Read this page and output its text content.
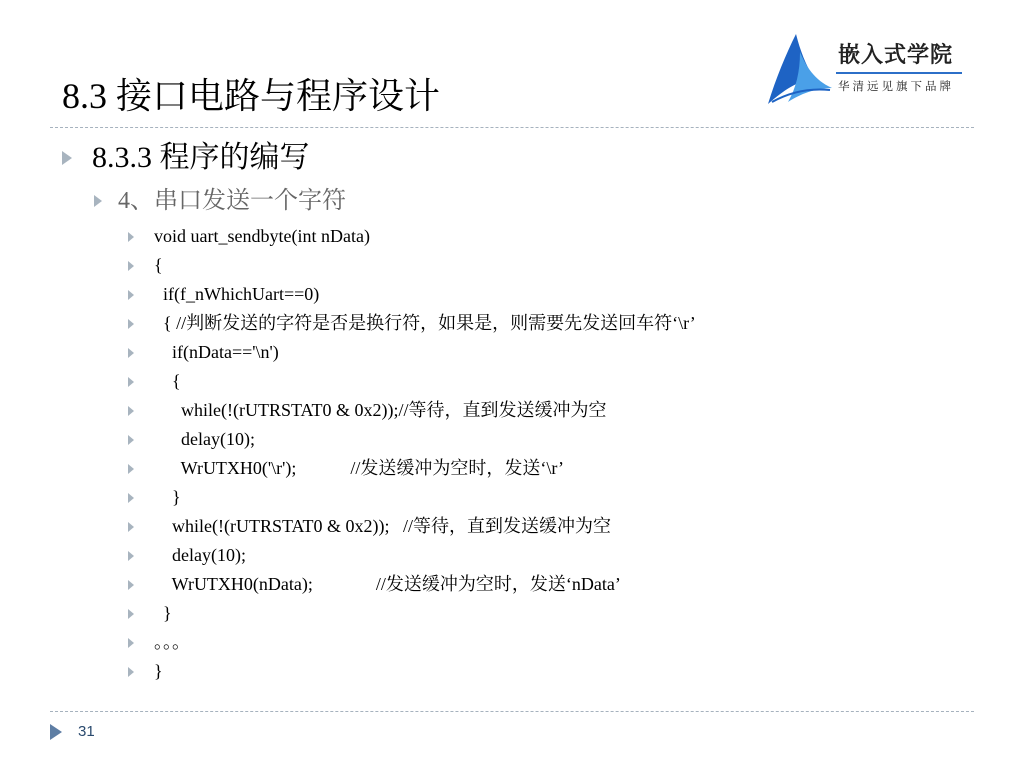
8.3 接口电路与程序设计
嵌入式学院
华清远见旗下品牌
8.3.3 程序的编写
4、串口发送一个字符
void uart_sendbyte(int nData)
{
if(f_nWhichUart==0)
{ //判断发送的字符是否是换行符，如果是，则需要先发送回车符‘\r’
if(nData=='\n')
{
while(!(rUTRSTAT0 & 0x2));//等待，直到发送缓冲为空
delay(10);
WrUTXH0('\r');            //发送缓冲为空时，发送‘\r’
}
while(!(rUTRSTAT0 & 0x2));   //等待，直到发送缓冲为空
delay(10);
WrUTXH0(nData);              //发送缓冲为空时，发送‘nData’
}
。。。
}
31
